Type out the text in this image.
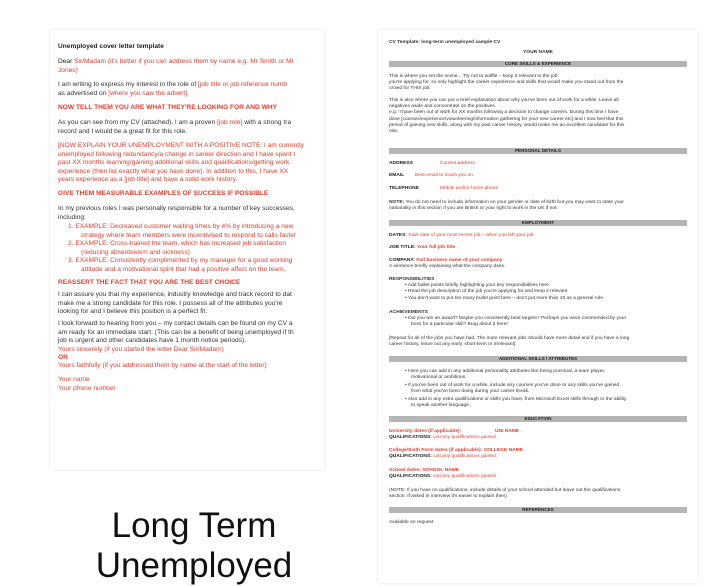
Unemployed cover letter template
Dear Sir/Madam (it's better if you can address them by name e.g. Mr Smith or Mr
Jones)
I am writing to express my interest in the role of [job title or job reference numb
as advertised on [where you saw the advert].
NOW TELL THEM YOU ARE WHAT THEY'RE LOOKING FOR AND WHY
As you can see from my CV (attached), I am a proven [job role] with a strong tra
record and I would be a great fit for this role.
[NOW EXPLAIN YOUR UNEMPLOYMENT WITH A POSITIVE NOTE: I am currently
unemployed following redundancy/a change in career direction and I have spent t
past XX months learning/gaining additional skills and qualifications/getting work
experience (then list exactly what you have done). In addition to this, I have XX
years experience as a [job title] and have a solid work history.
GIVE THEM MEASURABLE EXAMPLES OF SUCCESS IF POSSIBLE
In my previous roles I was personally responsible for a number of key successes,
including:
1. EXAMPLE: Decreased customer waiting times by 4% by introducing a new
strategy where team members were incentivised to respond to calls faster
2. EXAMPLE: Cross-trained the team, which has increased job satisfaction
(reducing absenteeism and sickness)
3. EXAMPLE: Consistently complimented by my manager for a good working
attitude and a motivational spirit that had a positive affect on the team.
REASSERT THE FACT THAT YOU ARE THE BEST CHOICE
I can assure you that my experience, industry knowledge and track record to dat
make me a strong candidate for this role. I possess all of the attributes you're
looking for and I believe this position is a perfect fit.
I look forward to hearing from you – my contact details can be found on my CV a
am ready for an immediate start. (This can be a benefit of being unemployed if th
job is urgent and other candidates have 1 month notice periods).
Yours sincerely (if you started the letter Dear Sir/Madam)
OR
Yours faithfully (if you addressed them by name at the start of the letter)
Your name
Your phone number
Long Term
Unemployed
CV Template: long-term unemployed sample CV
YOUR NAME
CORE SKILLS & EXPERIENCE
This is where you set the scene... Try not to waffle – keep it relevant to the job
you're applying for, so only highlight the career experience and skills that would make you stand out from the
crowd for THIS job.
This is also where you can put a brief explanation about why you've been out of work for a while. Leave all
negatives aside and concentrate on the positives.
e.g. 'I have been out of work for XX months following a decision to change careers. During this time I have
done [courses/experience/volunteering/information gathering for your new career etc] and I now feel that this
period of gaining new skills, along with my past career history, would make me an excellent candidate for this
role.
PERSONAL DETAILS
ADDRESS	Current address
EMAIL Best email to reach you on
TELEPHONE	Mobile and/or home phone
NOTE: You do not need to include information on your gender or date of birth but you may want to state your
nationality in this section if you are British or your right to work in the UK if not.
EMPLOYMENT
DATES: Start date of your most recent job – when you left your job
JOB TITLE: Your full job title
COMPANY: Full business name of your company
A sentence briefly explaining what the company does.
RESPONSIBILITIES
• Add bullet points briefly highlighting your key responsibilities here
• Read the job description of the job you're applying for and keep it relevant
• You don't want to put too many bullet point here – don't put more than 10 as a general rule.
ACHIEVEMENTS
• Did you win an award? Maybe you consistently beat targets? Perhaps you were commended by your
boss for a particular skill? Brag about it here!
[Repeat for all of the jobs you have had. The more relevant jobs should have more detail and if you have a long
career history, leave out any early, short-term or irrelevant]
ADDITIONAL SKILLS / ATTRIBUTES
• Here you can add in any additional personality attributes like being punctual, a team player,
motivational or ambitious.
• If you've been out of work for a while, include any courses you've done or any skills you've gained
from what you've been doing during your career break.
• Also add in any extra qualifications or skills you have, from Microsoft Excel skills through to the ability
to speak another language.
EDUCATION
University dates (if applicable):	UNI NAME
QUALIFICATIONS: List any qualifications gained.
College/Sixth Form dates (if applicable): COLLEGE NAME
QUALIFICATIONS: List any qualifications gained.
School dates: SCHOOL NAME
QUALIFICATIONS: List any qualifications gained.
(NOTE: If you have no qualifications, include details of your school attended but leave out the qualifications
section. If asked in interview it's easier to explain then)
REFERENCES
Available on request
